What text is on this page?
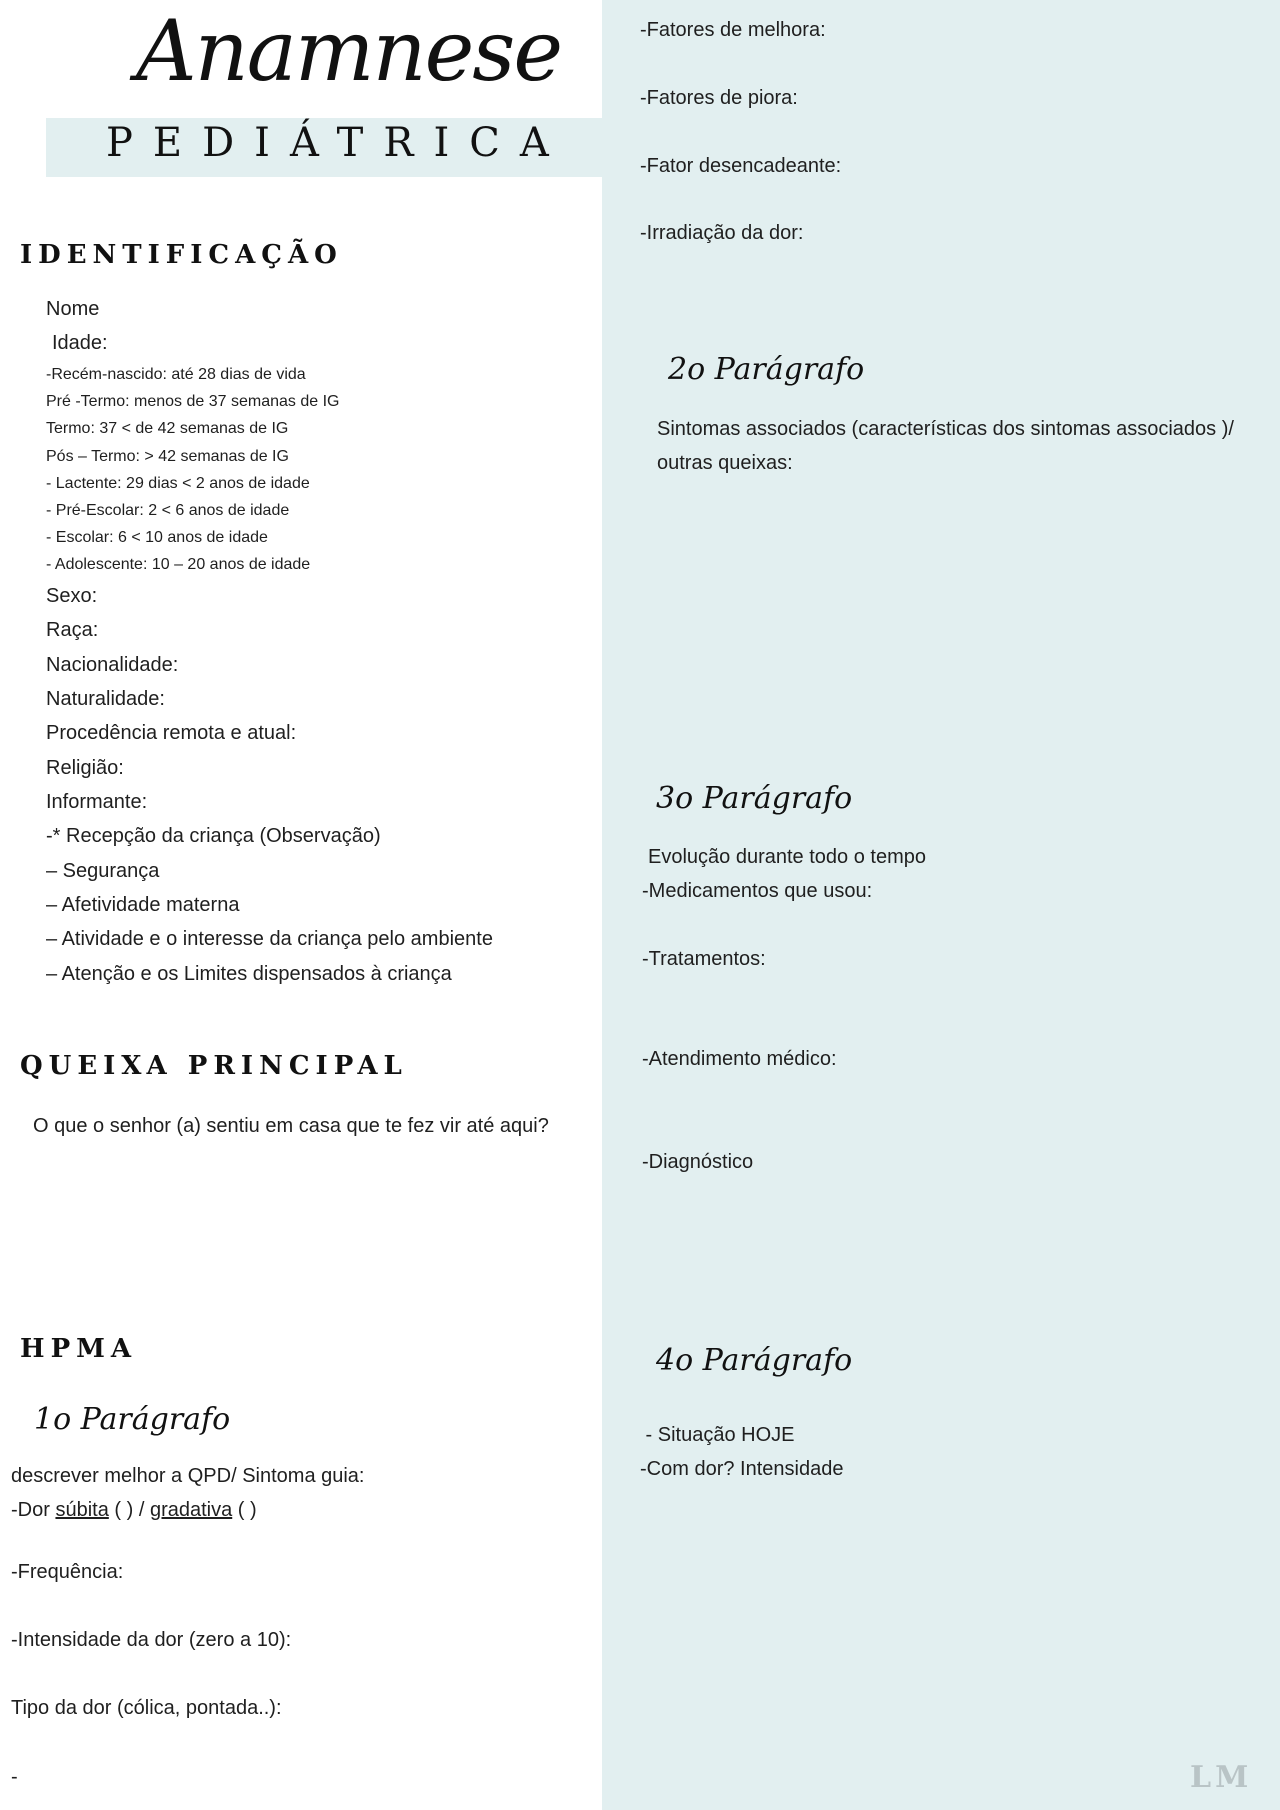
Anamnese
PEDIÁTRICA
IDENTIFICAÇÃO
Nome
Idade:
-Recém-nascido: até 28 dias de vida
Pré -Termo: menos de 37 semanas de IG
Termo: 37 < de 42 semanas de IG
Pós – Termo: > 42 semanas de IG
- Lactente: 29 dias < 2 anos de idade
- Pré-Escolar: 2 < 6 anos de idade
- Escolar: 6 < 10 anos de idade
- Adolescente: 10 – 20 anos de idade
Sexo:
Raça:
Nacionalidade:
Naturalidade:
Procedência remota e atual:
Religião:
Informante:
-* Recepção da criança (Observação)
– Segurança
– Afetividade materna
– Atividade e o interesse da criança pelo ambiente
– Atenção e os Limites dispensados à criança
QUEIXA PRINCIPAL
O que o senhor (a) sentiu em casa que te fez vir até aqui?
HPMA
1o Parágrafo
descrever melhor a QPD/ Sintoma guia:
-Dor súbita ( ) / gradativa ( )
-Frequência:
-Intensidade da dor (zero a 10):
Tipo da dor (cólica, pontada..):
-
-Fatores de melhora:
-Fatores de piora:
-Fator desencadeante:
-Irradiação da dor:
2o Parágrafo
Sintomas associados (características dos sintomas associados )/
outras queixas:
3o Parágrafo
Evolução durante todo o tempo
-Medicamentos que usou:
-Tratamentos:
-Atendimento médico:
-Diagnóstico
4o Parágrafo
- Situação HOJE
-Com dor? Intensidade
LM
